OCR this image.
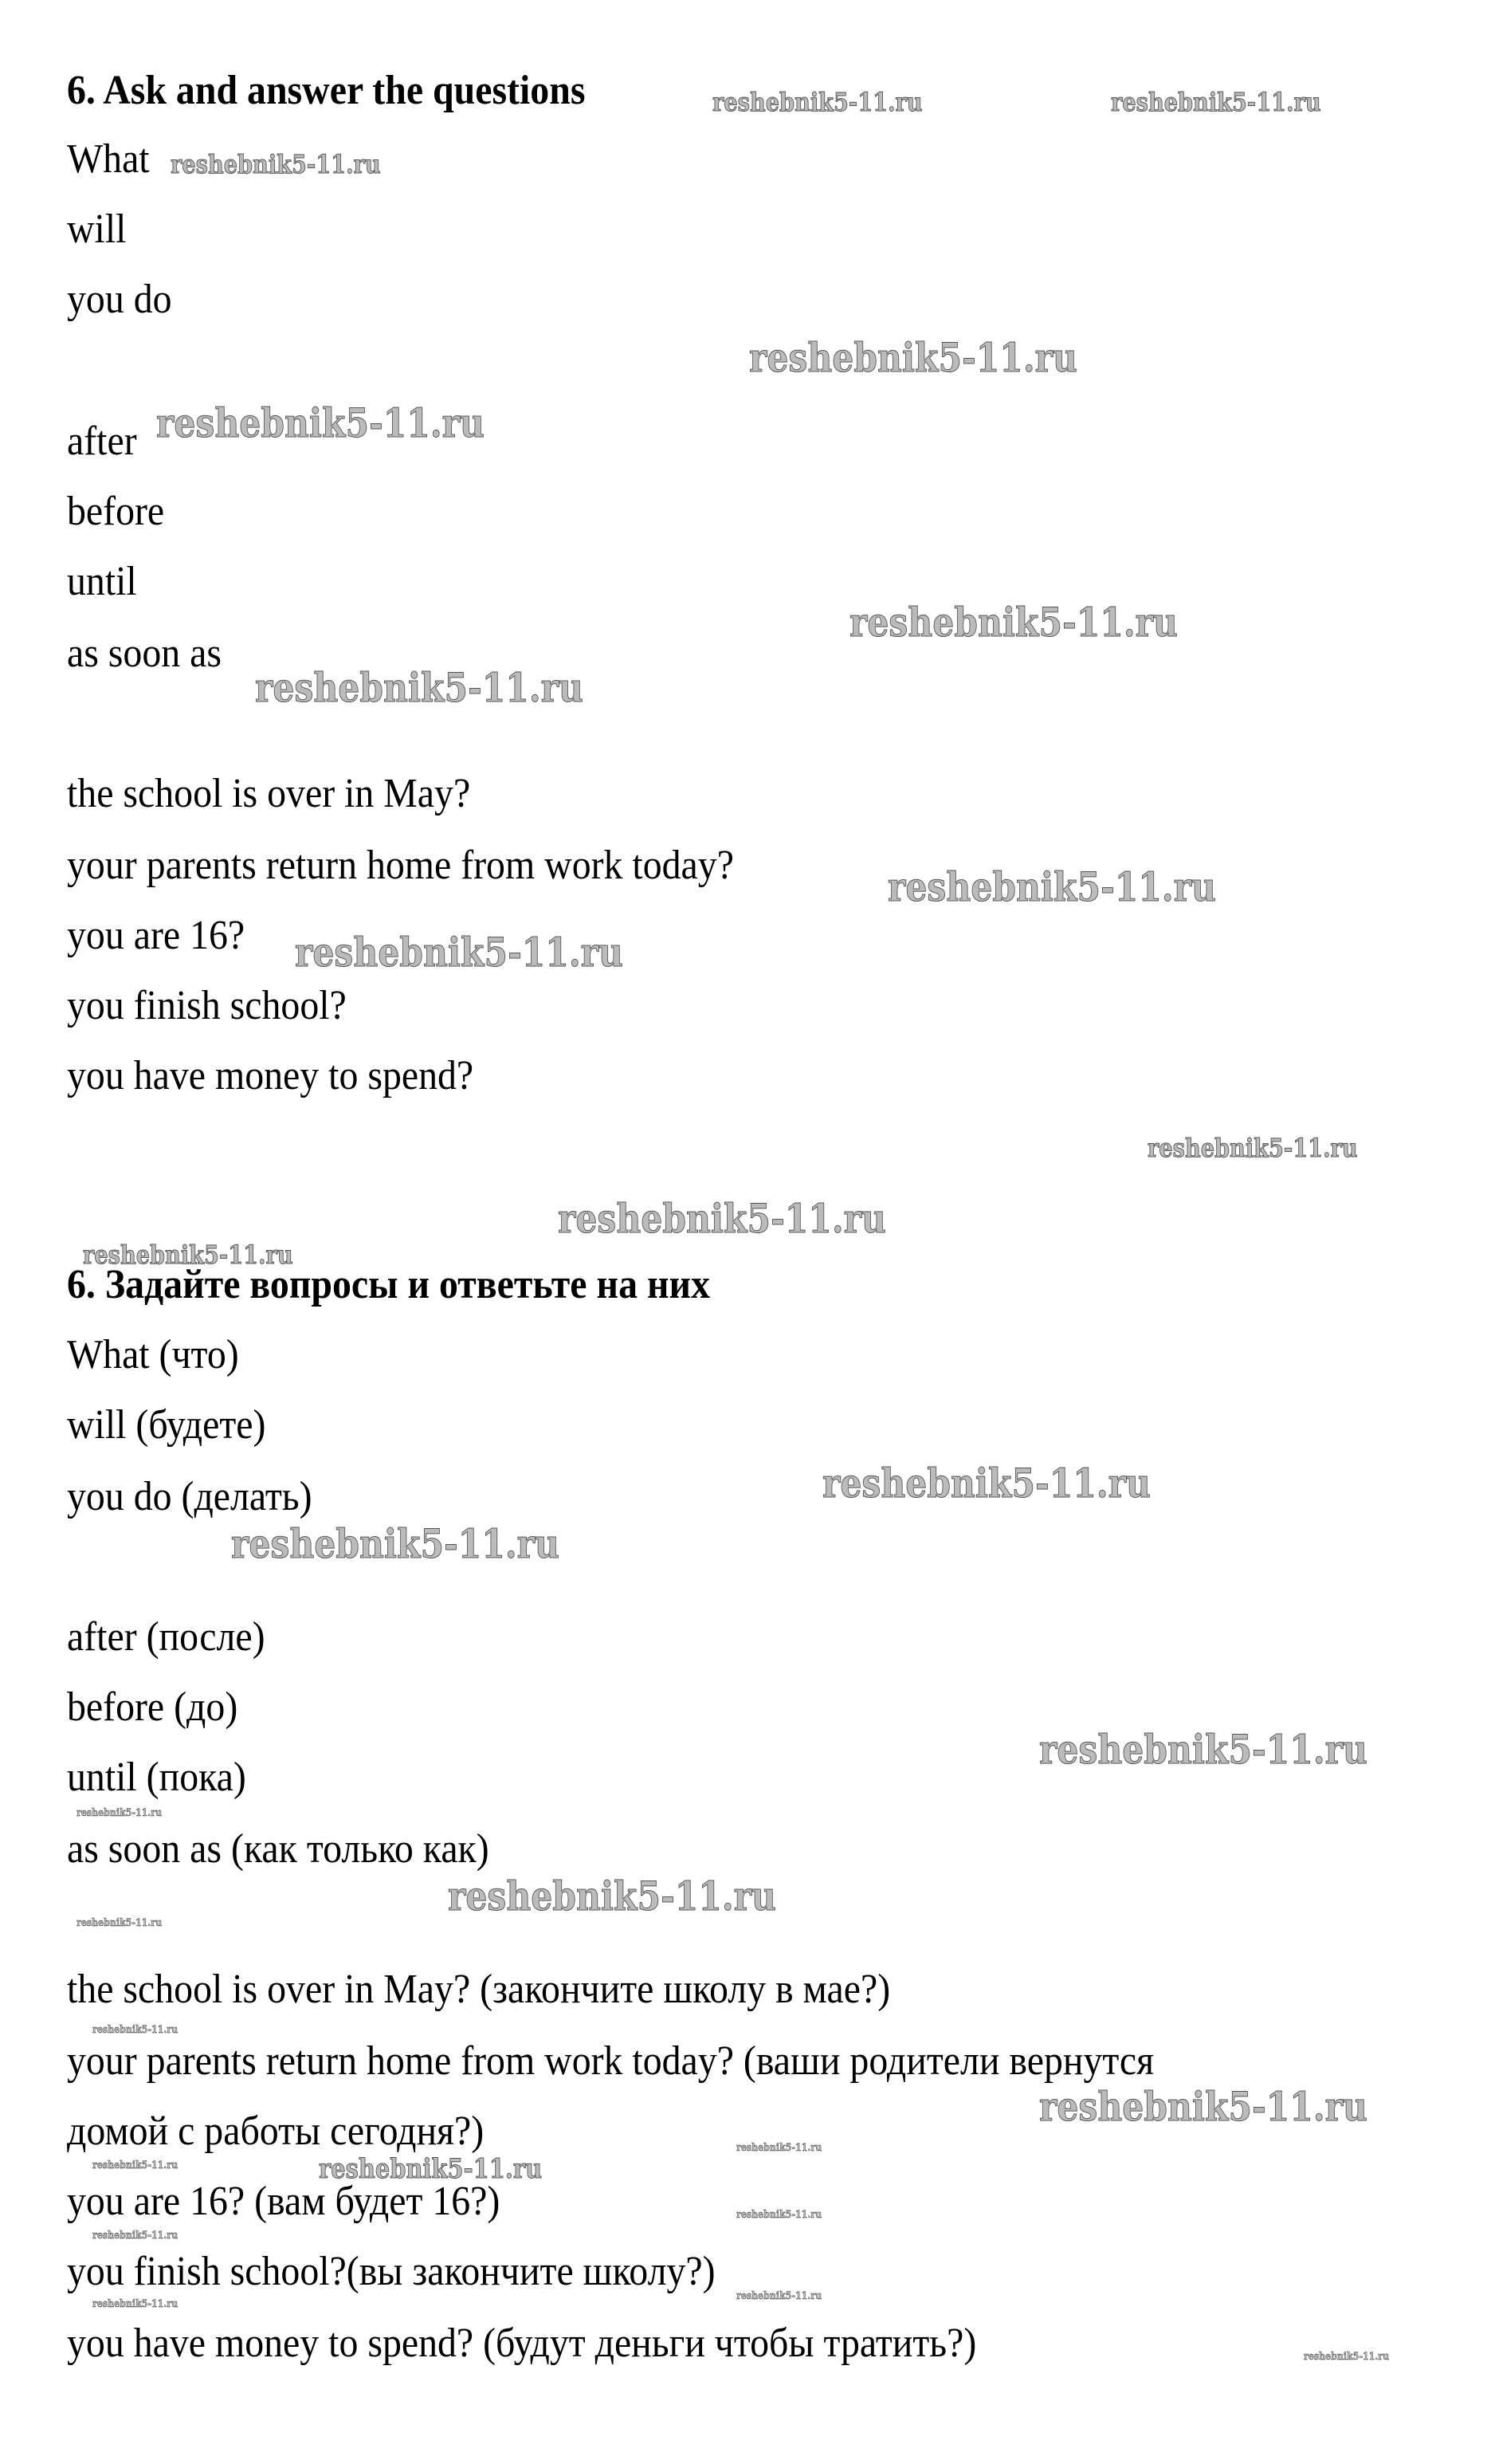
6. Ask and answer the questions
What
will
you do
after
before
until
as soon as
the school is over in May?
your parents return home from work today?
you are 16?
you finish school?
you have money to spend?
6. Задайте вопросы и ответьте на них
What (что)
will (будете)
you do (делать)
after (после)
before (до)
until (пока)
as soon as (как только как)
the school is over in May? (закончите школу в мае?)
your parents return home from work today? (ваши родители вернутся
домой с работы сегодня?)
you are 16? (вам будет 16?)
you finish school?(вы закончите школу?)
you have money to spend? (будут деньги чтобы тратить?)
reshebnik5-11.ru	reshebnik5-11.ru
reshebnik5-11.ru
reshebnik5-11.ru
reshebnik5-11.ru
reshebnik5-11.ru
reshebnik5-11.ru
reshebnik5-11.ru
reshebnik5-11.ru
reshebnik5-11.ru
reshebnik5-11.ru
reshebnik5-11.ru
reshebnik5-11.ru
reshebnik5-11.ru
reshebnik5-11.ru
reshebnik5-11.ru
reshebnik5-11.ru
reshebnik5-11.ru
reshebnik5-11.ru
reshebnik5-11.ru
reshebnik5-11.ru
reshebnik5-11.ru
reshebnik5-11.ru
reshebnik5-11.ru
reshebnik5-11.ru
reshebnik5-11.ru
reshebnik5-11.ru
reshebnik5-11.ru
